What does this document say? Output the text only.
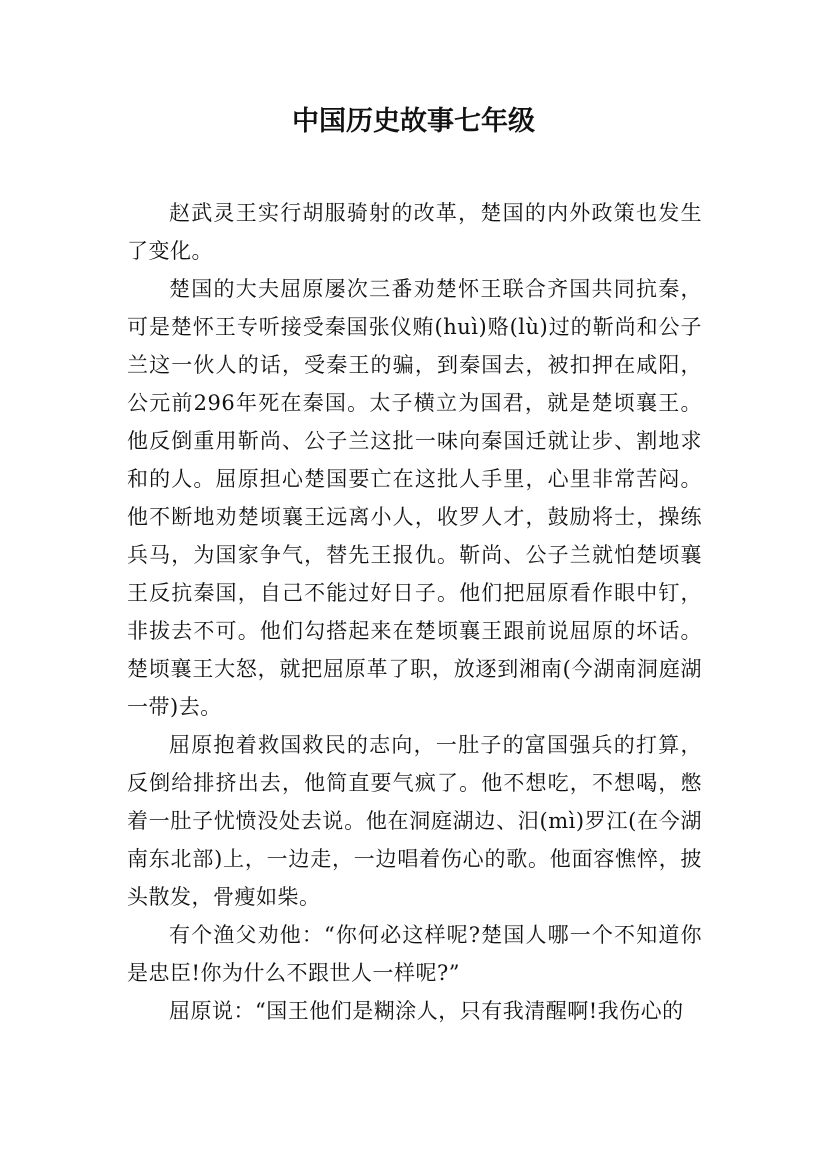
中国历史故事七年级

赵武灵王实行胡服骑射的改革，楚国的内外政策也发生了变化。

楚国的大夫屈原屡次三番劝楚怀王联合齐国共同抗秦，可是楚怀王专听接受秦国张仪贿(huì)赂(lù)过的靳尚和公子兰这一伙人的话，受秦王的骗，到秦国去，被扣押在咸阳，公元前296年死在秦国。太子横立为国君，就是楚顷襄王。他反倒重用靳尚、公子兰这批一味向秦国迁就让步、割地求和的人。屈原担心楚国要亡在这批人手里，心里非常苦闷。他不断地劝楚顷襄王远离小人，收罗人才，鼓励将士，操练兵马，为国家争气，替先王报仇。靳尚、公子兰就怕楚顷襄王反抗秦国，自己不能过好日子。他们把屈原看作眼中钉，非拔去不可。他们勾搭起来在楚顷襄王跟前说屈原的坏话。楚顷襄王大怒，就把屈原革了职，放逐到湘南(今湖南洞庭湖一带)去。

屈原抱着救国救民的志向，一肚子的富国强兵的打算，反倒给排挤出去，他简直要气疯了。他不想吃，不想喝，憋着一肚子忧愤没处去说。他在洞庭湖边、汨(mì)罗江(在今湖南东北部)上，一边走，一边唱着伤心的歌。他面容憔悴，披头散发，骨瘦如柴。

有个渔父劝他：“你何必这样呢?楚国人哪一个不知道你是忠臣!你为什么不跟世人一样呢?”

屈原说：“国王他们是糊涂人，只有我清醒啊!我伤心的
